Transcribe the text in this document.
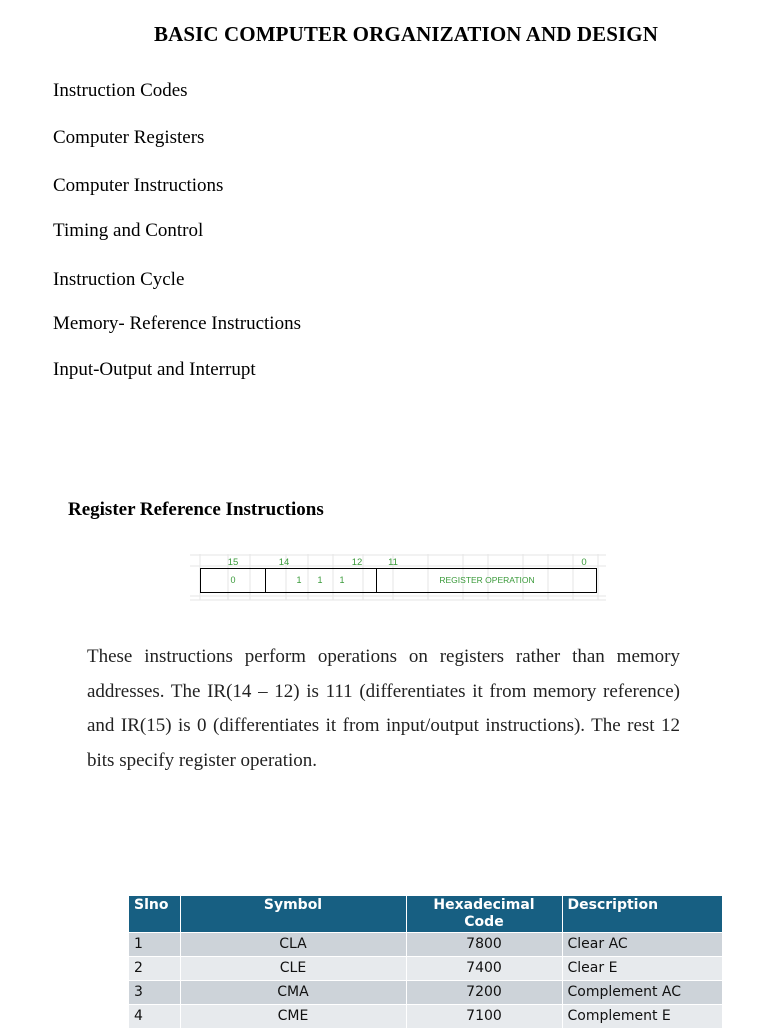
BASIC COMPUTER ORGANIZATION AND DESIGN
Instruction Codes
Computer Registers
Computer Instructions
Timing and Control
Instruction Cycle
Memory- Reference Instructions
Input-Output and Interrupt
Register Reference Instructions
15	14	12	11	0
0	1 1 1	REGISTER OPERATION
These instructions perform operations on registers rather than memory addresses. The IR(14 – 12) is 111 (differentiates it from memory reference) and IR(15) is 0 (differentiates it from input/output instructions). The rest 12 bits specify register operation.
Slno	Symbol	Hexadecimal Code	Description
1	CLA	7800	Clear AC
2	CLE	7400	Clear E
3	CMA	7200	Complement AC
4	CME	7100	Complement E
